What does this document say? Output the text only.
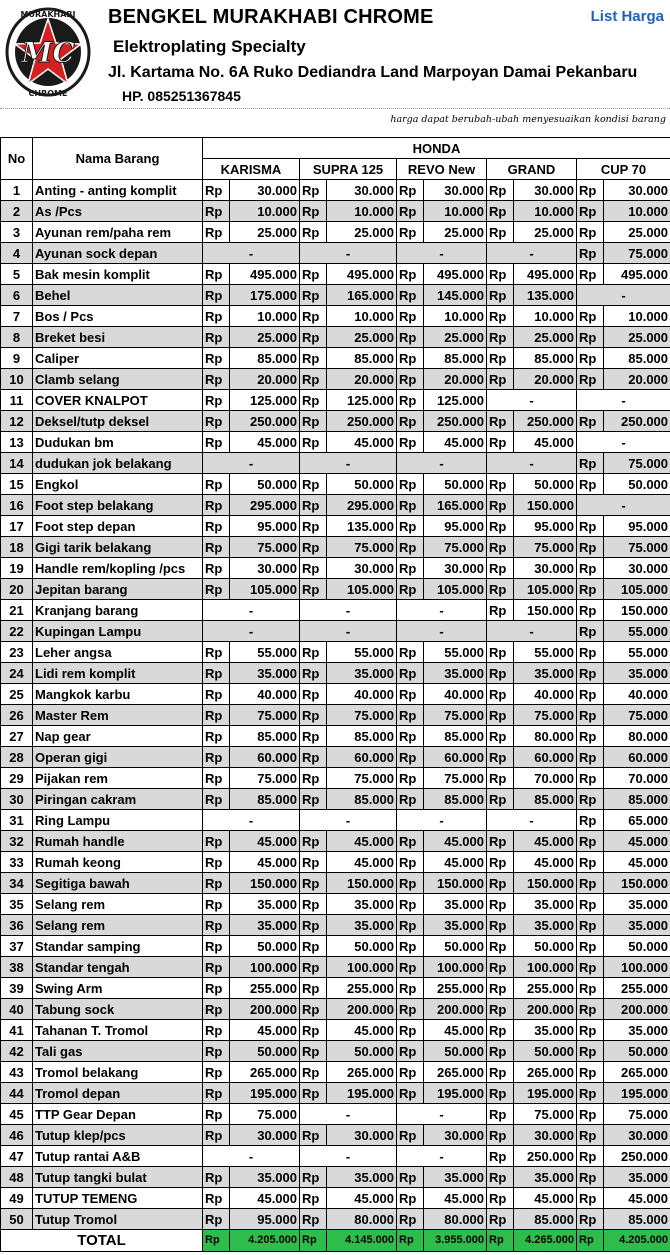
MURAKHABI
MC
CHROME
BENGKEL MURAKHABI CHROME
Elektroplating Specialty
Jl. Kartama No. 6A Ruko Dediandra Land Marpoyan Damai Pekanbaru
HP. 085251367845
List Harga
harga dapat berubah-ubah menyesuaikan kondisi barang
No	Nama Barang	HONDA									
		KARISMA		SUPRA 125		REVO New		GRAND		CUP 70	
1	Anting - anting komplit	Rp	30.000	Rp	30.000	Rp	30.000	Rp	30.000	Rp	30.000
2	As /Pcs	Rp	10.000	Rp	10.000	Rp	10.000	Rp	10.000	Rp	10.000
3	Ayunan rem/paha rem	Rp	25.000	Rp	25.000	Rp	25.000	Rp	25.000	Rp	25.000
4	Ayunan sock depan	-		-		-		-		Rp	75.000
5	Bak mesin komplit	Rp	495.000	Rp	495.000	Rp	495.000	Rp	495.000	Rp	495.000
6	Behel	Rp	175.000	Rp	165.000	Rp	145.000	Rp	135.000	-	
7	Bos / Pcs	Rp	10.000	Rp	10.000	Rp	10.000	Rp	10.000	Rp	10.000
8	Breket besi	Rp	25.000	Rp	25.000	Rp	25.000	Rp	25.000	Rp	25.000
9	Caliper	Rp	85.000	Rp	85.000	Rp	85.000	Rp	85.000	Rp	85.000
10	Clamb selang	Rp	20.000	Rp	20.000	Rp	20.000	Rp	20.000	Rp	20.000
11	COVER KNALPOT	Rp	125.000	Rp	125.000	Rp	125.000	-		-	
12	Deksel/tutp deksel	Rp	250.000	Rp	250.000	Rp	250.000	Rp	250.000	Rp	250.000
13	Dudukan bm	Rp	45.000	Rp	45.000	Rp	45.000	Rp	45.000	-	
14	dudukan jok belakang	-		-		-		-		Rp	75.000
15	Engkol	Rp	50.000	Rp	50.000	Rp	50.000	Rp	50.000	Rp	50.000
16	Foot step belakang	Rp	295.000	Rp	295.000	Rp	165.000	Rp	150.000	-	
17	Foot step depan	Rp	95.000	Rp	135.000	Rp	95.000	Rp	95.000	Rp	95.000
18	Gigi tarik belakang	Rp	75.000	Rp	75.000	Rp	75.000	Rp	75.000	Rp	75.000
19	Handle rem/kopling /pcs	Rp	30.000	Rp	30.000	Rp	30.000	Rp	30.000	Rp	30.000
20	Jepitan barang	Rp	105.000	Rp	105.000	Rp	105.000	Rp	105.000	Rp	105.000
21	Kranjang barang	-		-		-		Rp	150.000	Rp	150.000
22	Kupingan Lampu	-		-		-		-		Rp	55.000
23	Leher angsa	Rp	55.000	Rp	55.000	Rp	55.000	Rp	55.000	Rp	55.000
24	Lidi rem komplit	Rp	35.000	Rp	35.000	Rp	35.000	Rp	35.000	Rp	35.000
25	Mangkok karbu	Rp	40.000	Rp	40.000	Rp	40.000	Rp	40.000	Rp	40.000
26	Master Rem	Rp	75.000	Rp	75.000	Rp	75.000	Rp	75.000	Rp	75.000
27	Nap gear	Rp	85.000	Rp	85.000	Rp	85.000	Rp	80.000	Rp	80.000
28	Operan gigi	Rp	60.000	Rp	60.000	Rp	60.000	Rp	60.000	Rp	60.000
29	Pijakan rem	Rp	75.000	Rp	75.000	Rp	75.000	Rp	70.000	Rp	70.000
30	Piringan cakram	Rp	85.000	Rp	85.000	Rp	85.000	Rp	85.000	Rp	85.000
31	Ring Lampu	-		-		-		-		Rp	65.000
32	Rumah handle	Rp	45.000	Rp	45.000	Rp	45.000	Rp	45.000	Rp	45.000
33	Rumah keong	Rp	45.000	Rp	45.000	Rp	45.000	Rp	45.000	Rp	45.000
34	Segitiga bawah	Rp	150.000	Rp	150.000	Rp	150.000	Rp	150.000	Rp	150.000
35	Selang rem	Rp	35.000	Rp	35.000	Rp	35.000	Rp	35.000	Rp	35.000
36	Selang rem	Rp	35.000	Rp	35.000	Rp	35.000	Rp	35.000	Rp	35.000
37	Standar samping	Rp	50.000	Rp	50.000	Rp	50.000	Rp	50.000	Rp	50.000
38	Standar tengah	Rp	100.000	Rp	100.000	Rp	100.000	Rp	100.000	Rp	100.000
39	Swing Arm	Rp	255.000	Rp	255.000	Rp	255.000	Rp	255.000	Rp	255.000
40	Tabung sock	Rp	200.000	Rp	200.000	Rp	200.000	Rp	200.000	Rp	200.000
41	Tahanan T. Tromol	Rp	45.000	Rp	45.000	Rp	45.000	Rp	35.000	Rp	35.000
42	Tali gas	Rp	50.000	Rp	50.000	Rp	50.000	Rp	50.000	Rp	50.000
43	Tromol belakang	Rp	265.000	Rp	265.000	Rp	265.000	Rp	265.000	Rp	265.000
44	Tromol depan	Rp	195.000	Rp	195.000	Rp	195.000	Rp	195.000	Rp	195.000
45	TTP Gear Depan	Rp	75.000	-		-		Rp	75.000	Rp	75.000
46	Tutup klep/pcs	Rp	30.000	Rp	30.000	Rp	30.000	Rp	30.000	Rp	30.000
47	Tutup rantai A&B	-		-		-		Rp	250.000	Rp	250.000
48	Tutup tangki bulat	Rp	35.000	Rp	35.000	Rp	35.000	Rp	35.000	Rp	35.000
49	TUTUP TEMENG	Rp	45.000	Rp	45.000	Rp	45.000	Rp	45.000	Rp	45.000
50	Tutup Tromol	Rp	95.000	Rp	80.000	Rp	80.000	Rp	85.000	Rp	85.000
TOTAL		Rp	4.205.000	Rp	4.145.000	Rp	3.955.000	Rp	4.265.000	Rp	4.205.000
